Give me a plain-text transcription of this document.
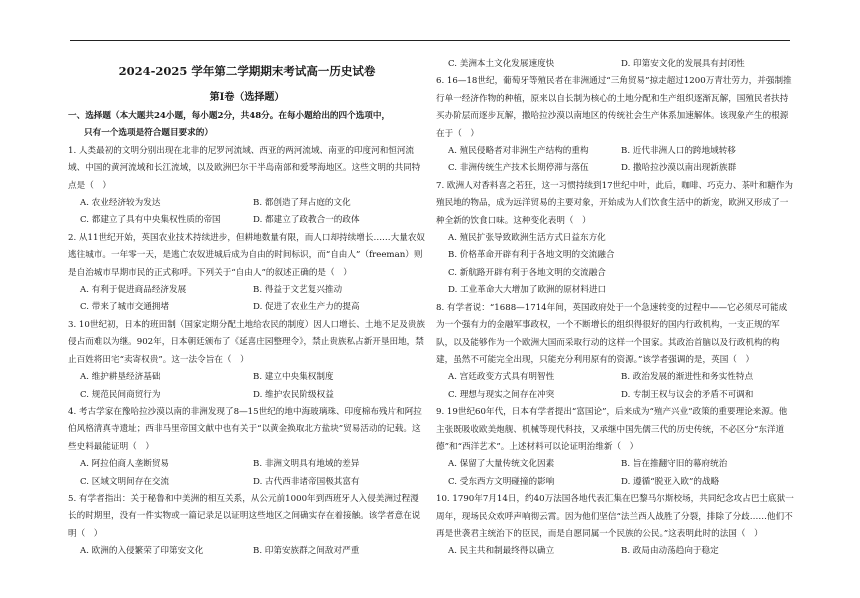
2024-2025 学年第二学期期末考试高一历史试卷

第Ⅰ卷（选择题）

一、选择题（本大题共24小题，每小题2分，共48分。在每小题给出的四个选项中，

只有一个选项是符合题目要求的）

1. 人类最初的文明分别出现在北非的尼罗河流域、西亚的两河流域、南亚的印度河和恒河流域、中国的黄河流域和长江流域，以及欧洲巴尔干半岛南部和爱琴海地区。这些文明的共同特点是（　）

A. 农业经济较为发达	B. 都创造了拜占庭的文化
C. 都建立了具有中央集权性质的帝国	D. 都建立了政教合一的政体

2. 从11世纪开始，英国农业技术持续进步，但耕地数量有限，而人口却持续增长……大量农奴逃往城市。一年零一天，是逃亡农奴进城后成为自由的时间标识，而“自由人”（freeman）则是自治城市早期市民的正式称呼。下列关于“自由人”的叙述正确的是（　）

A. 有利于促进商品经济发展	B. 得益于文艺复兴推动
C. 带来了城市交通拥堵	D. 促进了农业生产力的提高

3. 10世纪初，日本的班田制（国家定期分配土地给农民的制度）因人口增长、土地不足及贵族侵占而难以为继。902年，日本朝廷颁布了《延喜庄园整理令》，禁止贵族私占新开垦田地，禁止百姓将田宅“卖寄权贵”。这一法令旨在（　）

A. 维护耕垦经济基础	B. 建立中央集权制度
C. 规范民间商贸行为	D. 维护农民阶级权益

4. 考古学家在豫哈拉沙漠以南的非洲发现了8—15世纪的地中海玻璃珠、印度棉布残片和阿拉伯风格清真寺遗址；西非马里帝国文献中也有关于“以黄金换取北方盐块”贸易活动的记载。这些史料最能证明（　）

A. 阿拉伯商人垄断贸易	B. 非洲文明具有地域的差异
C. 区域文明间存在交流	D. 古代西非诸帝国极其富有

5. 有学者指出：关于秘鲁和中美洲的相互关系，从公元前1000年到西班牙人入侵美洲过程漫长的时期里，没有一件实物或一篇记录足以证明这些地区之间确实存在着接触。该学者意在说明（　）

A. 欧洲的入侵繁荣了印第安文化	B. 印第安族群之间敌对严重
C. 美洲本土文化发展速度快	D. 印第安文化的发展具有封闭性

6. 16—18世纪，葡萄牙等殖民者在非洲通过“三角贸易”掠走超过1200万青壮劳力，并强制推行单一经济作物的种植，原来以自长制为核心的土地分配和生产组织逐渐瓦解，国殖民者扶持买办阶层而逐步瓦解，撒哈拉沙漠以南地区的传统社会生产体系加速解体。该现象产生的根源在于（　）

A. 殖民侵略者对非洲生产结构的重构	B. 近代非洲人口的跨地域转移
C. 非洲传统生产技术长期停滞与落伍	D. 撒哈拉沙漠以南出现新族群

7. 欧洲人对香料喜之若狂，这一习惯持续到17世纪中叶，此后，咖啡、巧克力、茶叶和糖作为殖民地的物品，成为远洋贸易的主要对象，开始成为人们饮食生活中的新宠，欧洲又形成了一种全新的饮食口味。这种变化表明（　）

A. 殖民扩张导致欧洲生活方式日益东方化
B. 价格革命开辟有利于各地文明的交流融合
C. 新航路开辟有利于各地文明的交流融合
D. 工业革命大大增加了欧洲的原材料进口

8. 有学者说：“1688—1714年间，英国政府处于一个急速转变的过程中——它必须尽可能成为一个强有力的金融军事政权，一个不断增长的组织得很好的国内行政机构，一支正规的军队，以及能够作为一个欧洲大国而采取行动的这样一个国家。其政治首脑以及行政机构的构建，虽然不可能完全出现，只能充分利用原有的资源。”该学者强调的是，英国（　）

A. 宫廷政变方式具有明智性	B. 政治发展的渐进性和务实性特点
C. 理想与现实之间存在冲突	D. 专制王权与议会的矛盾不可调和

9. 19世纪60年代，日本有学者提出“富国论”，后来成为“殖产兴业”政策的重要理论来源。他主张既吸收欧美炮舰、机械等现代科技，又承继中国先儒三代的历史传统，不必区分“东洋道德”和“西洋艺术”。上述材料可以论证明治维新（　）

A. 保留了大量传统文化因素	B. 旨在推翻守旧的幕府统治
C. 受东西方文明碰撞的影响	D. 遵循“脱亚入欧”的战略

10. 1790年7月14日，约40万法国各地代表汇集在巴黎马尔斯校场，共同纪念攻占巴士底狱一周年，现场民众欢呼声响彻云霄。因为他们坚信“法兰西人战胜了分裂，排除了分歧……他们不再是世袭君主统治下的臣民，而是自愿同属一个民族的公民。”这表明此时的法国（　）

A. 民主共和制最终得以确立	B. 政局由动荡趋向于稳定
